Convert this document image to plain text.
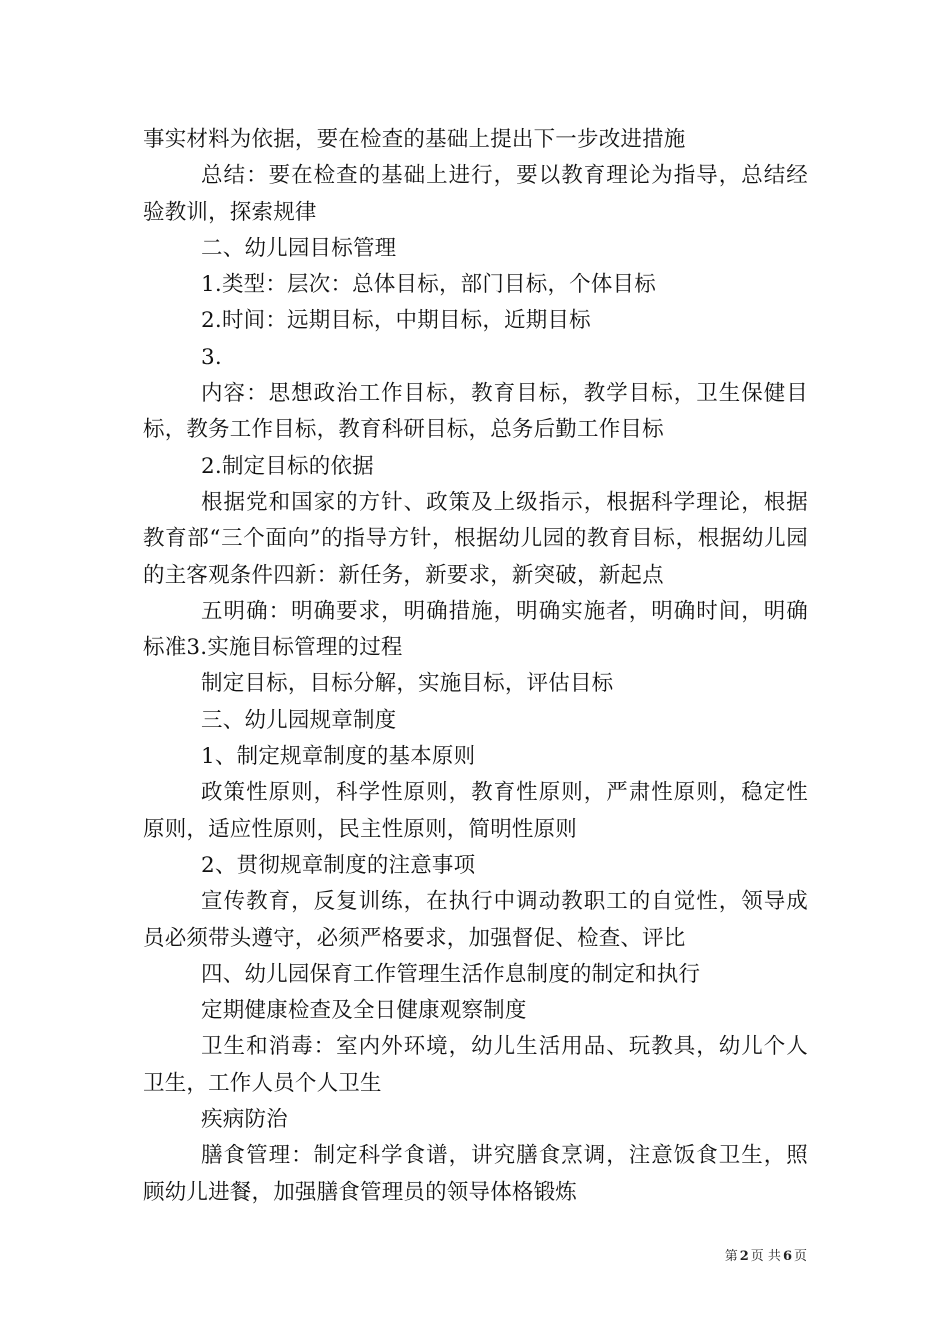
事实材料为依据，要在检查的基础上提出下一步改进措施

总结：要在检查的基础上进行，要以教育理论为指导，总结经验教训，探索规律

二、幼儿园目标管理

1.类型：层次：总体目标，部门目标，个体目标

2.时间：远期目标，中期目标，近期目标

3.

内容：思想政治工作目标，教育目标，教学目标，卫生保健目标，教务工作目标，教育科研目标，总务后勤工作目标

2.制定目标的依据

根据党和国家的方针、政策及上级指示，根据科学理论，根据教育部“三个面向”的指导方针，根据幼儿园的教育目标，根据幼儿园的主客观条件四新：新任务，新要求，新突破，新起点

五明确：明确要求，明确措施，明确实施者，明确时间，明确标准3.实施目标管理的过程

制定目标，目标分解，实施目标，评估目标

三、幼儿园规章制度

1、制定规章制度的基本原则

政策性原则，科学性原则，教育性原则，严肃性原则，稳定性原则，适应性原则，民主性原则，简明性原则

2、贯彻规章制度的注意事项

宣传教育，反复训练，在执行中调动教职工的自觉性，领导成员必须带头遵守，必须严格要求，加强督促、检查、评比

四、幼儿园保育工作管理生活作息制度的制定和执行

定期健康检查及全日健康观察制度

卫生和消毒：室内外环境，幼儿生活用品、玩教具，幼儿个人卫生，工作人员个人卫生

疾病防治

膳食管理：制定科学食谱，讲究膳食烹调，注意饭食卫生，照顾幼儿进餐，加强膳食管理员的领导体格锻炼

第 2 页 共 6 页
